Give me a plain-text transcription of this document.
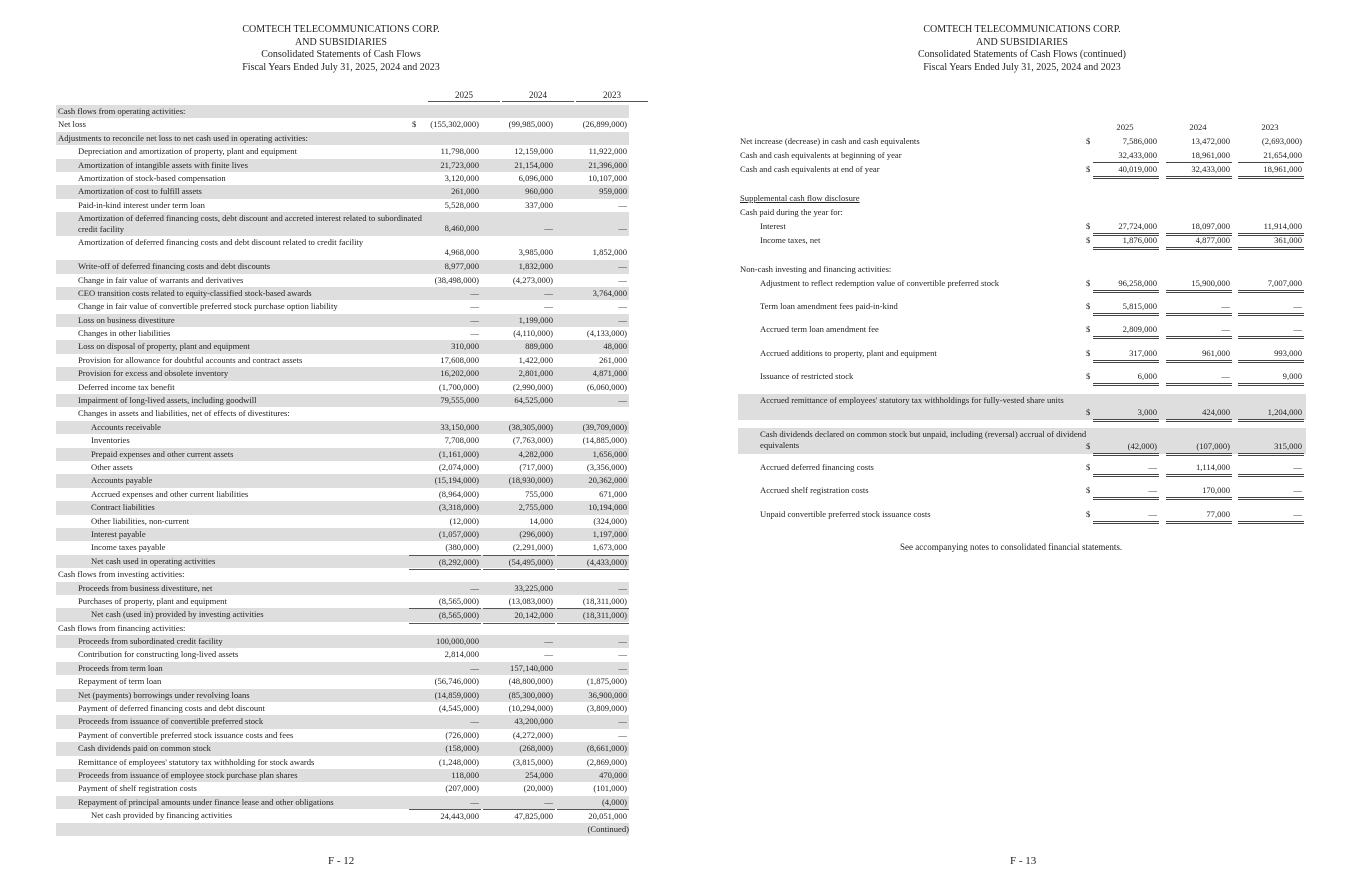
COMTECH TELECOMMUNICATIONS CORP.
AND SUBSIDIARIES
Consolidated Statements of Cash Flows
Fiscal Years Ended July 31, 2025, 2024 and 2023
F - 12
2025	2024	2023
Cash flows from operating activities:
Net loss	$	(155,302,000)	(99,985,000)	(26,899,000)
Adjustments to reconcile net loss to net cash used in operating activities:
Depreciation and amortization of property, plant and equipment	11,798,000	12,159,000	11,922,000
Amortization of intangible assets with finite lives	21,723,000	21,154,000	21,396,000
Amortization of stock-based compensation	3,120,000	6,096,000	10,107,000
Amortization of cost to fulfill assets	261,000	960,000	959,000
Paid-in-kind interest under term loan	5,528,000	337,000	—
Amortization of deferred financing costs, debt discount and accreted interest related to subordinated credit facility	8,460,000	—	—
Amortization of deferred financing costs and debt discount related to credit facility
4,968,000	3,985,000	1,852,000
Write-off of deferred financing costs and debt discounts	8,977,000	1,832,000	—
Change in fair value of warrants and derivatives	(38,498,000)	(4,273,000)	—
CEO transition costs related to equity-classified stock-based awards	—	—	3,764,000
Change in fair value of convertible preferred stock purchase option liability	—	—	—
Loss on business divestiture	—	1,199,000	—
Changes in other liabilities	—	(4,110,000)	(4,133,000)
Loss on disposal of property, plant and equipment	310,000	889,000	48,000
Provision for allowance for doubtful accounts and contract assets	17,608,000	1,422,000	261,000
Provision for excess and obsolete inventory	16,202,000	2,801,000	4,871,000
Deferred income tax benefit	(1,700,000)	(2,990,000)	(6,060,000)
Impairment of long-lived assets, including goodwill	79,555,000	64,525,000	—
Changes in assets and liabilities, net of effects of divestitures:
Accounts receivable	33,150,000	(38,305,000)	(39,709,000)
Inventories	7,708,000	(7,763,000)	(14,885,000)
Prepaid expenses and other current assets	(1,161,000)	4,282,000	1,656,000
Other assets	(2,074,000)	(717,000)	(3,356,000)
Accounts payable	(15,194,000)	(18,930,000)	20,362,000
Accrued expenses and other current liabilities	(8,964,000)	755,000	671,000
Contract liabilities	(3,318,000)	2,755,000	10,194,000
Other liabilities, non-current	(12,000)	14,000	(324,000)
Interest payable	(1,057,000)	(296,000)	1,197,000
Income taxes payable	(380,000)	(2,291,000)	1,673,000
Net cash used in operating activities	(8,292,000)	(54,495,000)	(4,433,000)
Cash flows from investing activities:
Proceeds from business divestiture, net	—	33,225,000	—
Purchases of property, plant and equipment	(8,565,000)	(13,083,000)	(18,311,000)
Net cash (used in) provided by investing activities	(8,565,000)	20,142,000	(18,311,000)
Cash flows from financing activities:
Proceeds from subordinated credit facility	100,000,000	—	—
Contribution for constructing long-lived assets	2,814,000	—	—
Proceeds from term loan	—	157,140,000	—
Repayment of term loan	(56,746,000)	(48,800,000)	(1,875,000)
Net (payments) borrowings under revolving loans	(14,859,000)	(85,300,000)	36,900,000
Payment of deferred financing costs and debt discount	(4,545,000)	(10,294,000)	(3,809,000)
Proceeds from issuance of convertible preferred stock	—	43,200,000	—
Payment of convertible preferred stock issuance costs and fees	(726,000)	(4,272,000)	—
Cash dividends paid on common stock	(158,000)	(268,000)	(8,661,000)
Remittance of employees' statutory tax withholding for stock awards	(1,248,000)	(3,815,000)	(2,869,000)
Proceeds from issuance of employee stock purchase plan shares	118,000	254,000	470,000
Payment of shelf registration costs	(207,000)	(20,000)	(101,000)
Repayment of principal amounts under finance lease and other obligations	—	—	(4,000)
Net cash provided by financing activities	24,443,000	47,825,000	20,051,000
(Continued)
COMTECH TELECOMMUNICATIONS CORP.
AND SUBSIDIARIES
Consolidated Statements of Cash Flows (continued)
Fiscal Years Ended July 31, 2025, 2024 and 2023
F - 13
2025	2024	2023
Net increase (decrease) in cash and cash equivalents	$	7,586,000	13,472,000	(2,693,000)
Cash and cash equivalents at beginning of year	32,433,000	18,961,000	21,654,000
Cash and cash equivalents at end of year	$	40,019,000	32,433,000	18,961,000
Supplemental cash flow disclosure
Cash paid during the year for:
Interest	$	27,724,000	18,097,000	11,914,000
Income taxes, net	$	1,876,000	4,877,000	361,000
Non-cash investing and financing activities:
Adjustment to reflect redemption value of convertible preferred stock	$	96,258,000	15,900,000	7,007,000
Term loan amendment fees paid-in-kind	$	5,815,000	—	—
Accrued term loan amendment fee	$	2,809,000	—	—
Accrued additions to property, plant and equipment	$	317,000	961,000	993,000
Issuance of restricted stock	$	6,000	—	9,000
Accrued remittance of employees' statutory tax withholdings for fully-vested share units
$	3,000	424,000	1,204,000
Cash dividends declared on common stock but unpaid, including (reversal) accrual of dividend equivalents	$	(42,000)	(107,000)	315,000
Accrued deferred financing costs	$	—	1,114,000	—
Accrued shelf registration costs	$	—	170,000	—
Unpaid convertible preferred stock issuance costs	$	—	77,000	—
See accompanying notes to consolidated financial statements.
